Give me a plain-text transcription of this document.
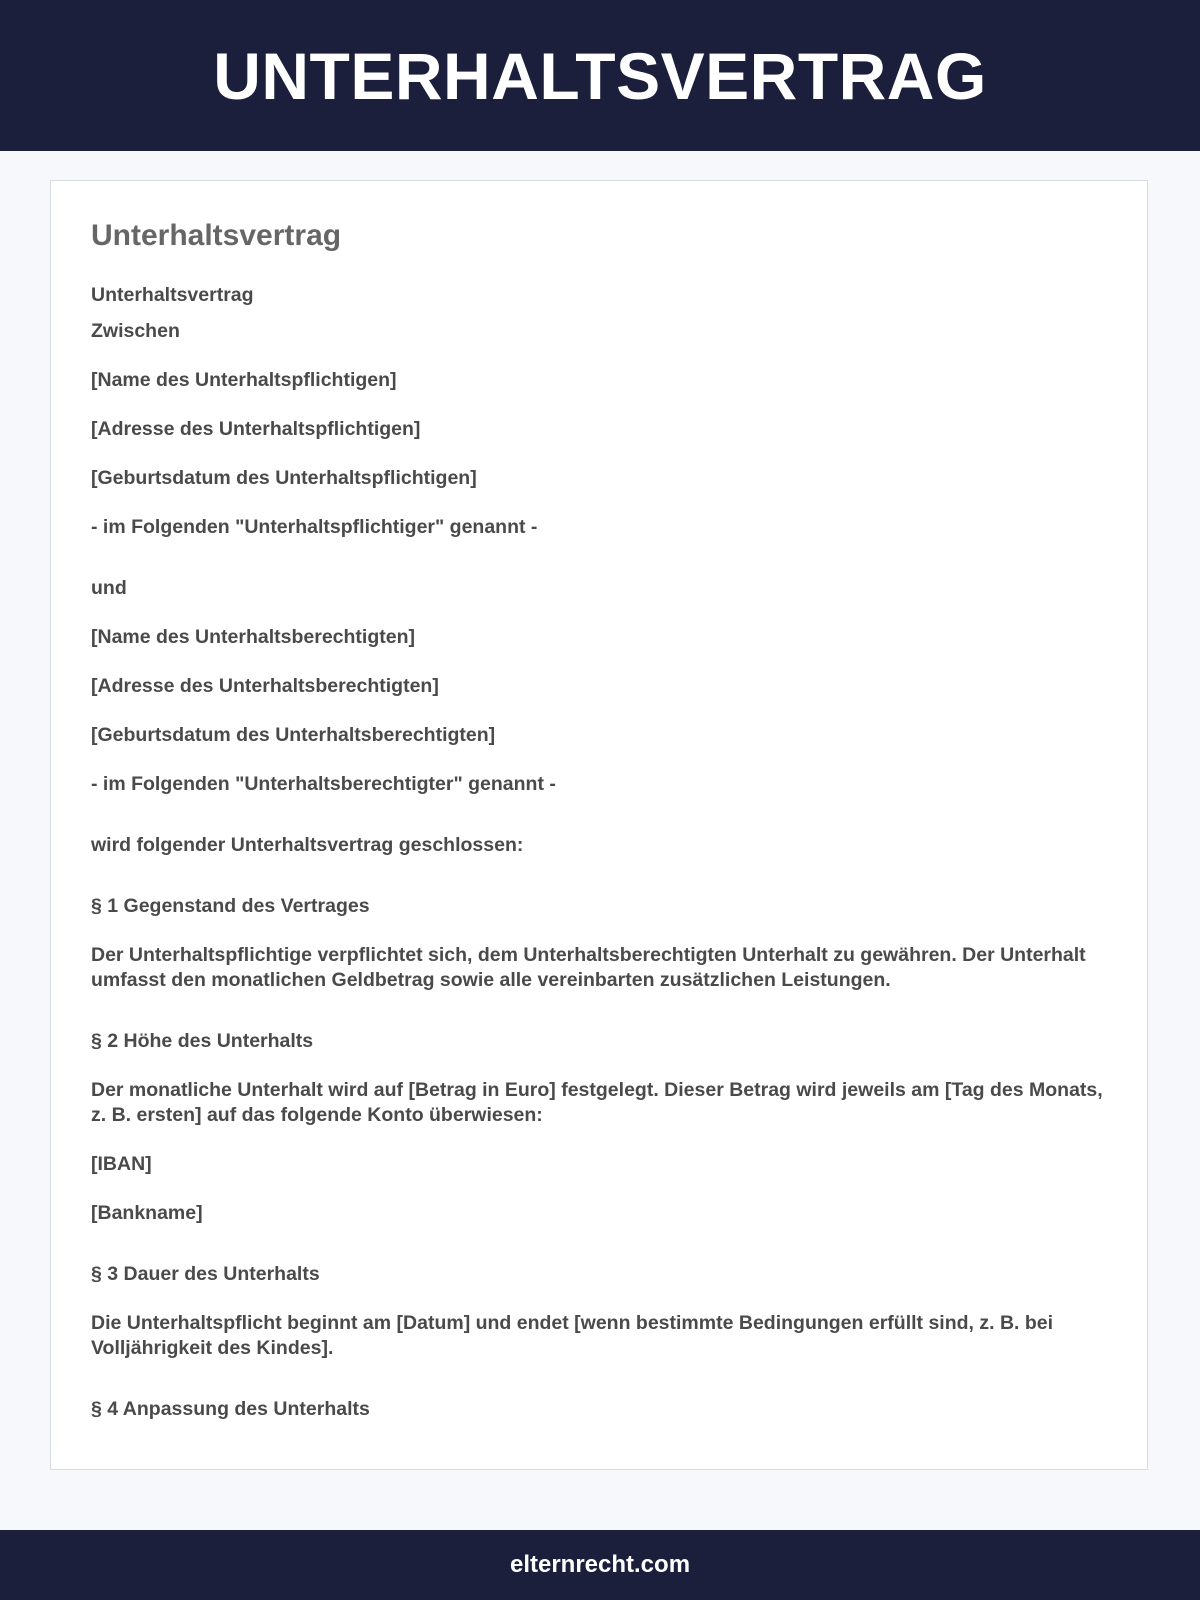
UNTERHALTSVERTRAG
Unterhaltsvertrag

Unterhaltsvertrag

Zwischen

[Name des Unterhaltspflichtigen]

[Adresse des Unterhaltspflichtigen]

[Geburtsdatum des Unterhaltspflichtigen]

- im Folgenden "Unterhaltspflichtiger" genannt -

und

[Name des Unterhaltsberechtigten]

[Adresse des Unterhaltsberechtigten]

[Geburtsdatum des Unterhaltsberechtigten]

- im Folgenden "Unterhaltsberechtigter" genannt -

wird folgender Unterhaltsvertrag geschlossen:

§ 1 Gegenstand des Vertrages

Der Unterhaltspflichtige verpflichtet sich, dem Unterhaltsberechtigten Unterhalt zu gewähren. Der Unterhalt umfasst den monatlichen Geldbetrag sowie alle vereinbarten zusätzlichen Leistungen.

§ 2 Höhe des Unterhalts

Der monatliche Unterhalt wird auf [Betrag in Euro] festgelegt. Dieser Betrag wird jeweils am [Tag des Monats, z. B. ersten] auf das folgende Konto überwiesen:

[IBAN]

[Bankname]

§ 3 Dauer des Unterhalts

Die Unterhaltspflicht beginnt am [Datum] und endet [wenn bestimmte Bedingungen erfüllt sind, z. B. bei Volljährigkeit des Kindes].

§ 4 Anpassung des Unterhalts

elternrecht.com
